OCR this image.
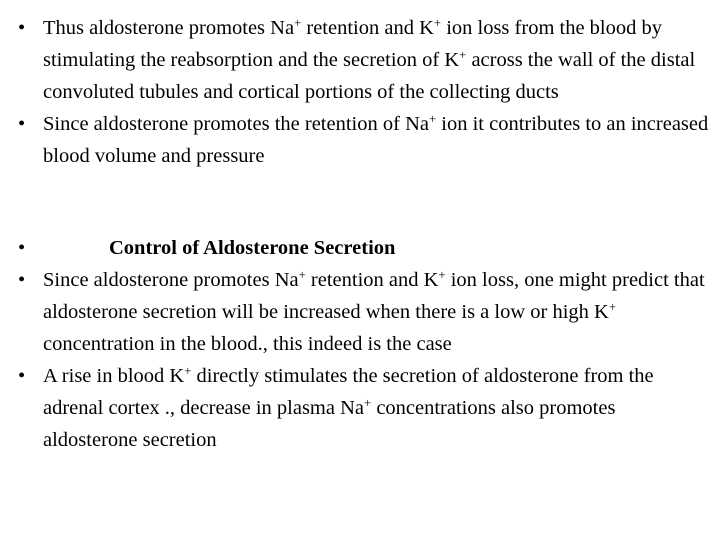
• Thus aldosterone promotes Na+ retention and K+ ion loss from the blood by stimulating the reabsorption and the secretion of K+ across the wall of the distal convoluted tubules and cortical portions of the collecting ducts
• Since aldosterone promotes the retention of Na+ ion it contributes to an increased blood volume and pressure
•	Control of Aldosterone Secretion
• Since aldosterone promotes Na+ retention and K+ ion loss, one might predict that aldosterone secretion will be increased when there is a low or high K+ concentration in the blood., this indeed is the case
• A rise in blood K+ directly stimulates the secretion of aldosterone from the adrenal cortex ., decrease in plasma Na+ concentrations also promotes aldosterone secretion
